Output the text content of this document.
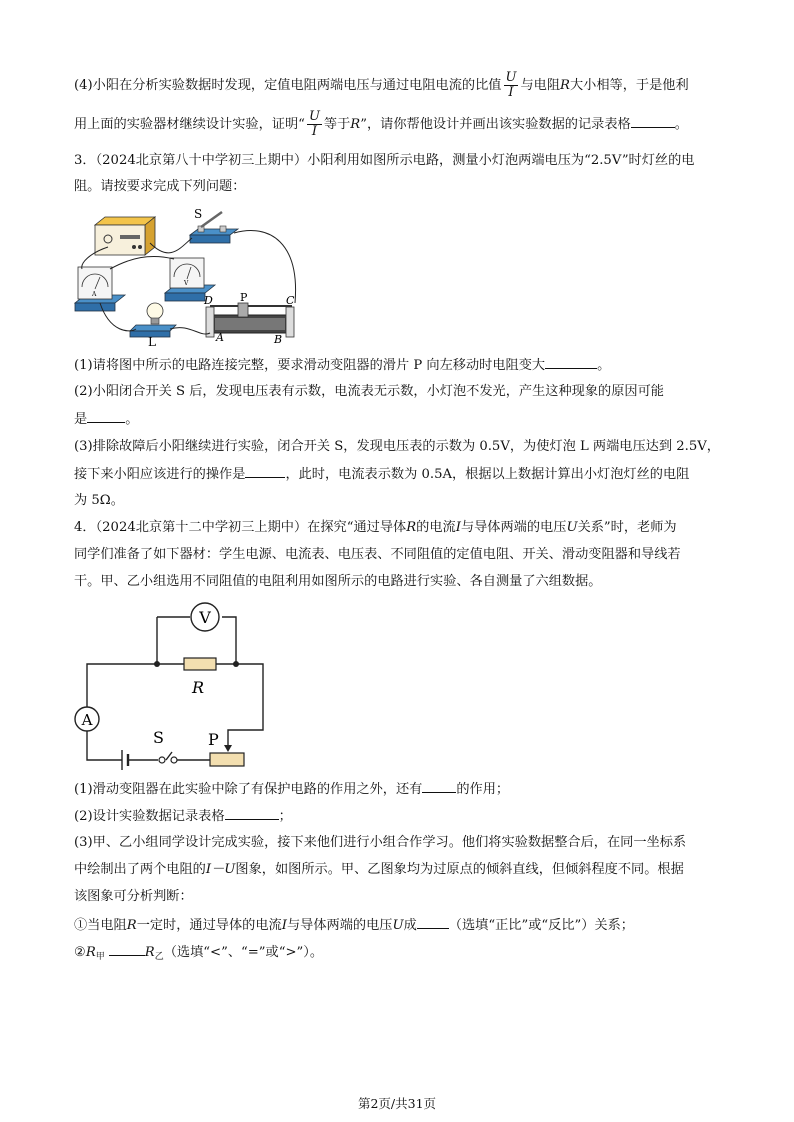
(4)小阳在分析实验数据时发现，定值电阻两端电压与通过电阻电流的比值 $\frac{U}{I}$ 与电阻R大小相等，于是他利
用上面的实验器材继续设计实验，证明“ $\frac{U}{I}$ 等于R”，请你帮他设计并画出该实验数据的记录表格	。
3．（2024北京第八十中学初三上期中）小阳利用如图所示电路，测量小灯泡两端电压为“2.5V”时灯丝的电
阻。请按要求完成下列问题：
S
A
V
L
D P	C
A	B
(1)请将图中所示的电路连接完整，要求滑动变阻器的滑片 P 向左移动时电阻变大	。
(2)小阳闭合开关 S 后，发现电压表有示数，电流表无示数，小灯泡不发光，产生这种现象的原因可能
是	。
(3)排除故障后小阳继续进行实验，闭合开关 S，发现电压表的示数为 0.5V，为使灯泡 L 两端电压达到 2.5V，
接下来小阳应该进行的操作是	，此时，电流表示数为 0.5A，根据以上数据计算出小灯泡灯丝的电阻
为 5Ω。
4．（2024北京第十二中学初三上期中）在探究“通过导体R的电流I与导体两端的电压U关系”时，老师为
同学们准备了如下器材：学生电源、电流表、电压表、不同阻值的定值电阻、开关、滑动变阻器和导线若
干。甲、乙小组选用不同阻值的电阻利用如图所示的电路进行实验、各自测量了六组数据。
V
R
A
S	P
(1)滑动变阻器在此实验中除了有保护电路的作用之外，还有	的作用；
(2)设计实验数据记录表格	；
(3)甲、乙小组同学设计完成实验，接下来他们进行小组合作学习。他们将实验数据整合后，在同一坐标系
中绘制出了两个电阻的I－U图象，如图所示。甲、乙图象均为过原点的倾斜直线，但倾斜程度不同。根据
该图象可分析判断：
①当电阻R一定时，通过导体的电流I与导体两端的电压U成 （选填“正比”或“反比”）关系；
$②R_甲$	$R_乙$（选填“<”、“=”或“>”）。
第2页/共31页
